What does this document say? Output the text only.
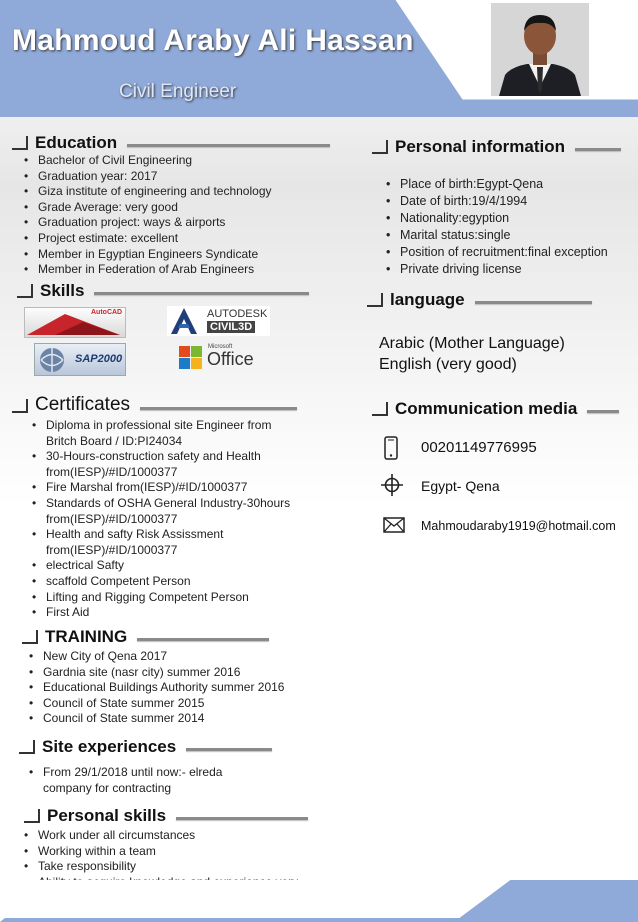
Mahmoud Araby Ali Hassan
Civil Engineer
Education
• Bachelor of Civil Engineering
• Graduation year: 2017
• Giza institute of engineering and technology
• Grade Average: very good
• Graduation project: ways & airports
• Project estimate: excellent
• Member in Egyptian Engineers Syndicate
• Member in Federation of Arab Engineers
Skills
AutoCAD	AUTODESK
CIVIL3D
SAP2000
Microsoft
Office
Certificates
• Diploma in professional site Engineer from Britch Board / ID:PI24034
• 30-Hours-construction safety and Health from(IESP)/#ID/1000377
• Fire Marshal from(IESP)/#ID/1000377
• Standards of OSHA General Industry-30hours from(IESP)/#ID/1000377
• Health and safty Risk Assissment from(IESP)/#ID/1000377
• electrical Safty
• scaffold Competent Person
• Lifting and Rigging Competent Person
• First Aid
TRAINING
• New City of Qena 2017
• Gardnia site (nasr city) summer 2016
• Educational Buildings Authority summer 2016
• Council of State summer 2015
• Council of State summer 2014
Site experiences
• From 29/1/2018 until now:- elreda company for contracting
Personal skills
• Work under all circumstances
• Working within a team
• Take responsibility
•
Personal information
• Place of birth:Egypt-Qena
• Date of birth:19/4/1994
• Nationality:egyption
• Marital status:single
• Position of recruitment:final exception
• Private driving license
language
Arabic (Mother Language)
English (very good)
Communication media
00201149776995
Egypt- Qena
Mahmoudaraby1919@hotmail.com
